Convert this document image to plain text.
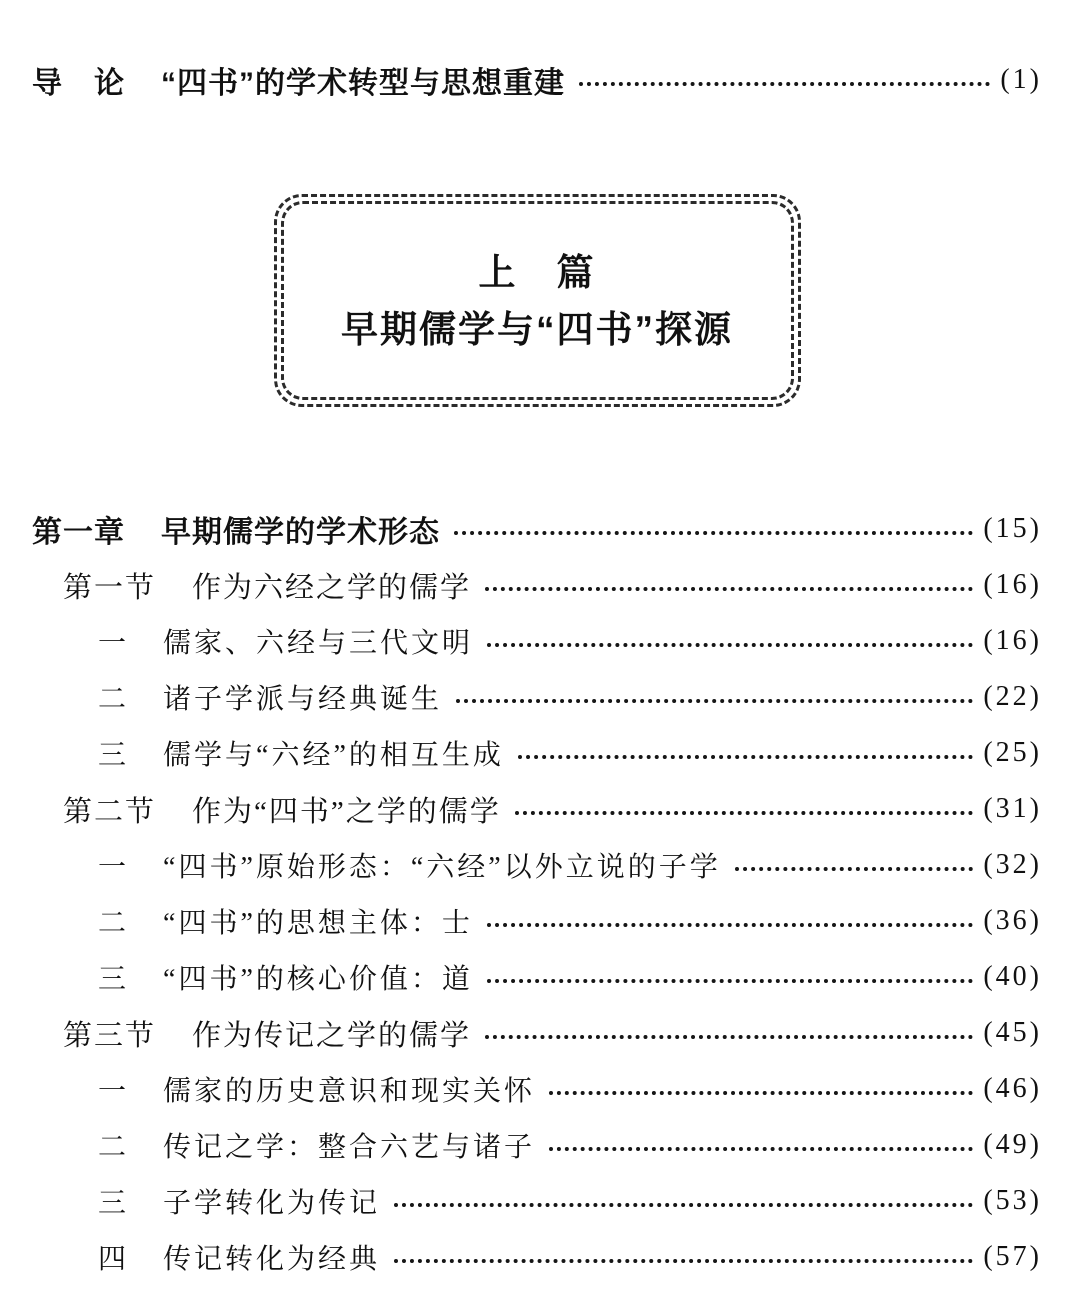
导　论 “四书”的学术转型与思想重建	(1)
上　篇
早期儒学与“四书”探源
第一章 早期儒学的学术形态	(15)
第一节 作为六经之学的儒学	(16)
一 儒家、六经与三代文明	(16)
二 诸子学派与经典诞生	(22)
三 儒学与“六经”的相互生成	(25)
第二节 作为“四书”之学的儒学	(31)
一 “四书”原始形态：“六经”以外立说的子学	(32)
二 “四书”的思想主体：士	(36)
三 “四书”的核心价值：道	(40)
第三节 作为传记之学的儒学	(45)
一 儒家的历史意识和现实关怀	(46)
二 传记之学：整合六艺与诸子	(49)
三 子学转化为传记	(53)
四 传记转化为经典	(57)
